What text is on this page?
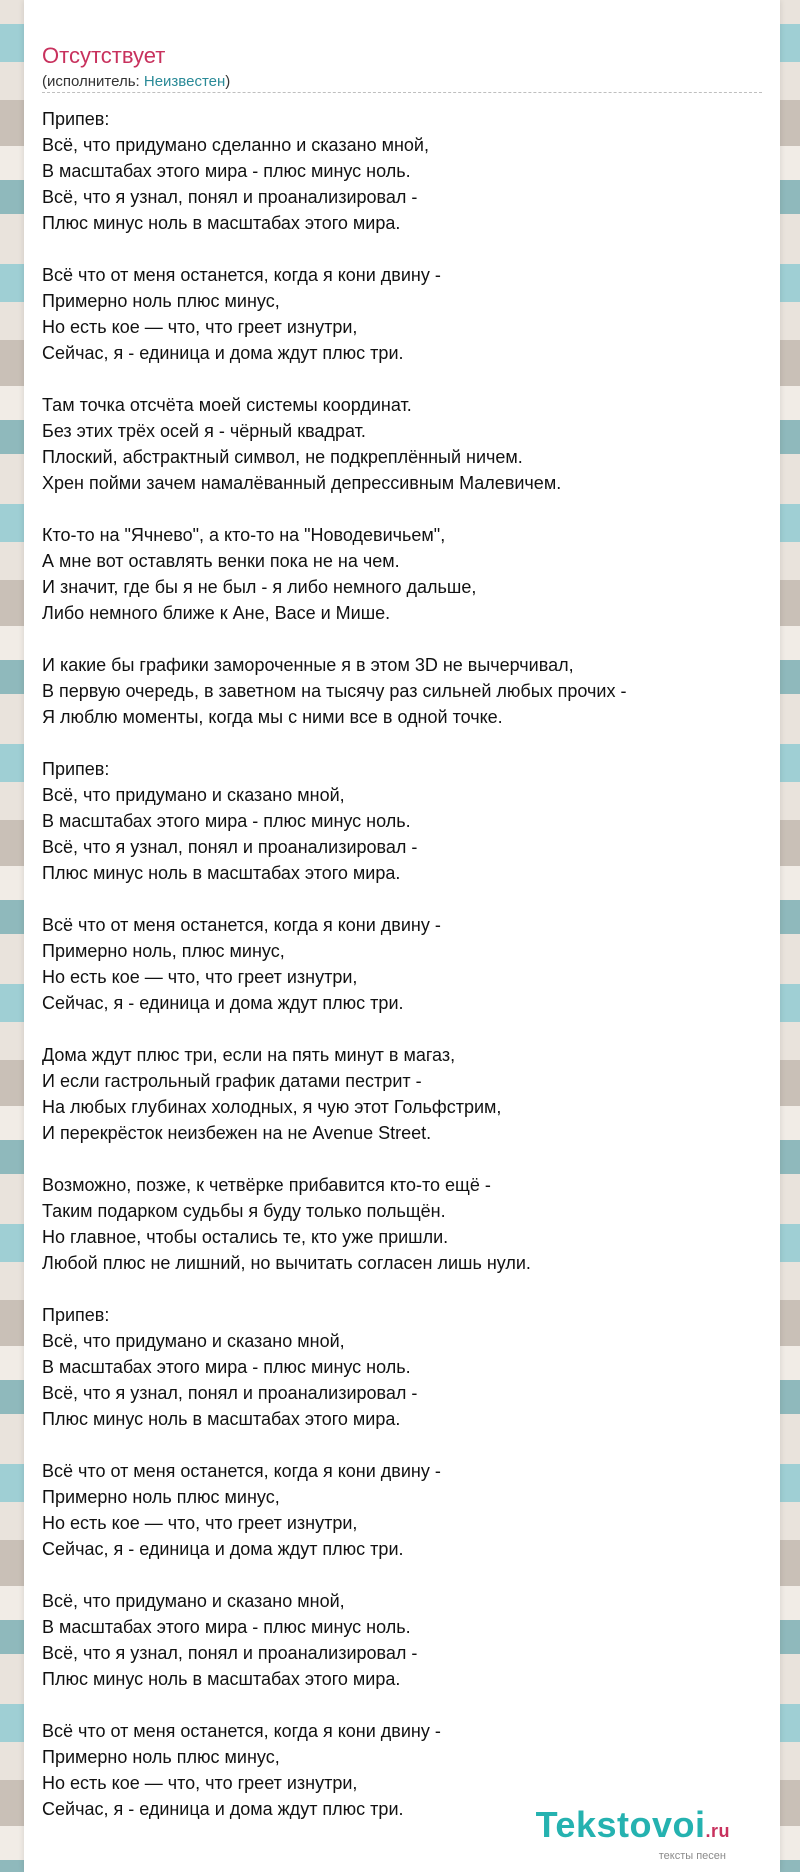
Отсутствует
(исполнитель: Неизвестен)
Припев:
Всё, что придумано сделанно и сказано мной,
В масштабах этого мира - плюс минус ноль.
Всё, что я узнал, понял и проанализировал -
Плюс минус ноль в масштабах этого мира.
Всё что от меня останется, когда я кони двину -
Примерно ноль плюс минус,
Но есть кое — что, что греет изнутри,
Сейчас, я - единица и дома ждут плюс три.
Там точка отсчёта моей системы координат.
Без этих трёх осей я - чёрный квадрат.
Плоский, абстрактный символ, не подкреплённый ничем.
Хрен пойми зачем намалёванный депрессивным Малевичем.
Кто-то на "Ячнево", а кто-то на "Новодевичьем",
А мне вот оставлять венки пока не на чем.
И значит, где бы я не был - я либо немного дальше,
Либо немного ближе к Ане, Васе и Мише.
И какие бы графики замороченные я в этом 3D не вычерчивал,
В первую очередь, в заветном на тысячу раз сильней любых прочих -
Я люблю моменты, когда мы с ними все в одной точке.
Припев:
Всё, что придумано и сказано мной,
В масштабах этого мира - плюс минус ноль.
Всё, что я узнал, понял и проанализировал -
Плюс минус ноль в масштабах этого мира.
Всё что от меня останется, когда я кони двину -
Примерно ноль, плюс минус,
Но есть кое — что, что греет изнутри,
Сейчас, я - единица и дома ждут плюс три.
Дома ждут плюс три, если на пять минут в магаз,
И если гастрольный график датами пестрит -
На любых глубинах холодных, я чую этот Гольфстрим,
И перекрёсток неизбежен на не Avenue Street.
Возможно, позже, к четвёрке прибавится кто-то ещё -
Таким подарком судьбы я буду только польщён.
Но главное, чтобы остались те, кто уже пришли.
Любой плюс не лишний, но вычитать согласен лишь нули.
Припев:
Всё, что придумано и сказано мной,
В масштабах этого мира - плюс минус ноль.
Всё, что я узнал, понял и проанализировал -
Плюс минус ноль в масштабах этого мира.
Всё что от меня останется, когда я кони двину -
Примерно ноль плюс минус,
Но есть кое — что, что греет изнутри,
Сейчас, я - единица и дома ждут плюс три.
Всё, что придумано и сказано мной,
В масштабах этого мира - плюс минус ноль.
Всё, что я узнал, понял и проанализировал -
Плюс минус ноль в масштабах этого мира.
Всё что от меня останется, когда я кони двину -
Примерно ноль плюс минус,
Но есть кое — что, что греет изнутри,
Сейчас, я - единица и дома ждут плюс три.	Tekstovoi.ru
тексты песен
